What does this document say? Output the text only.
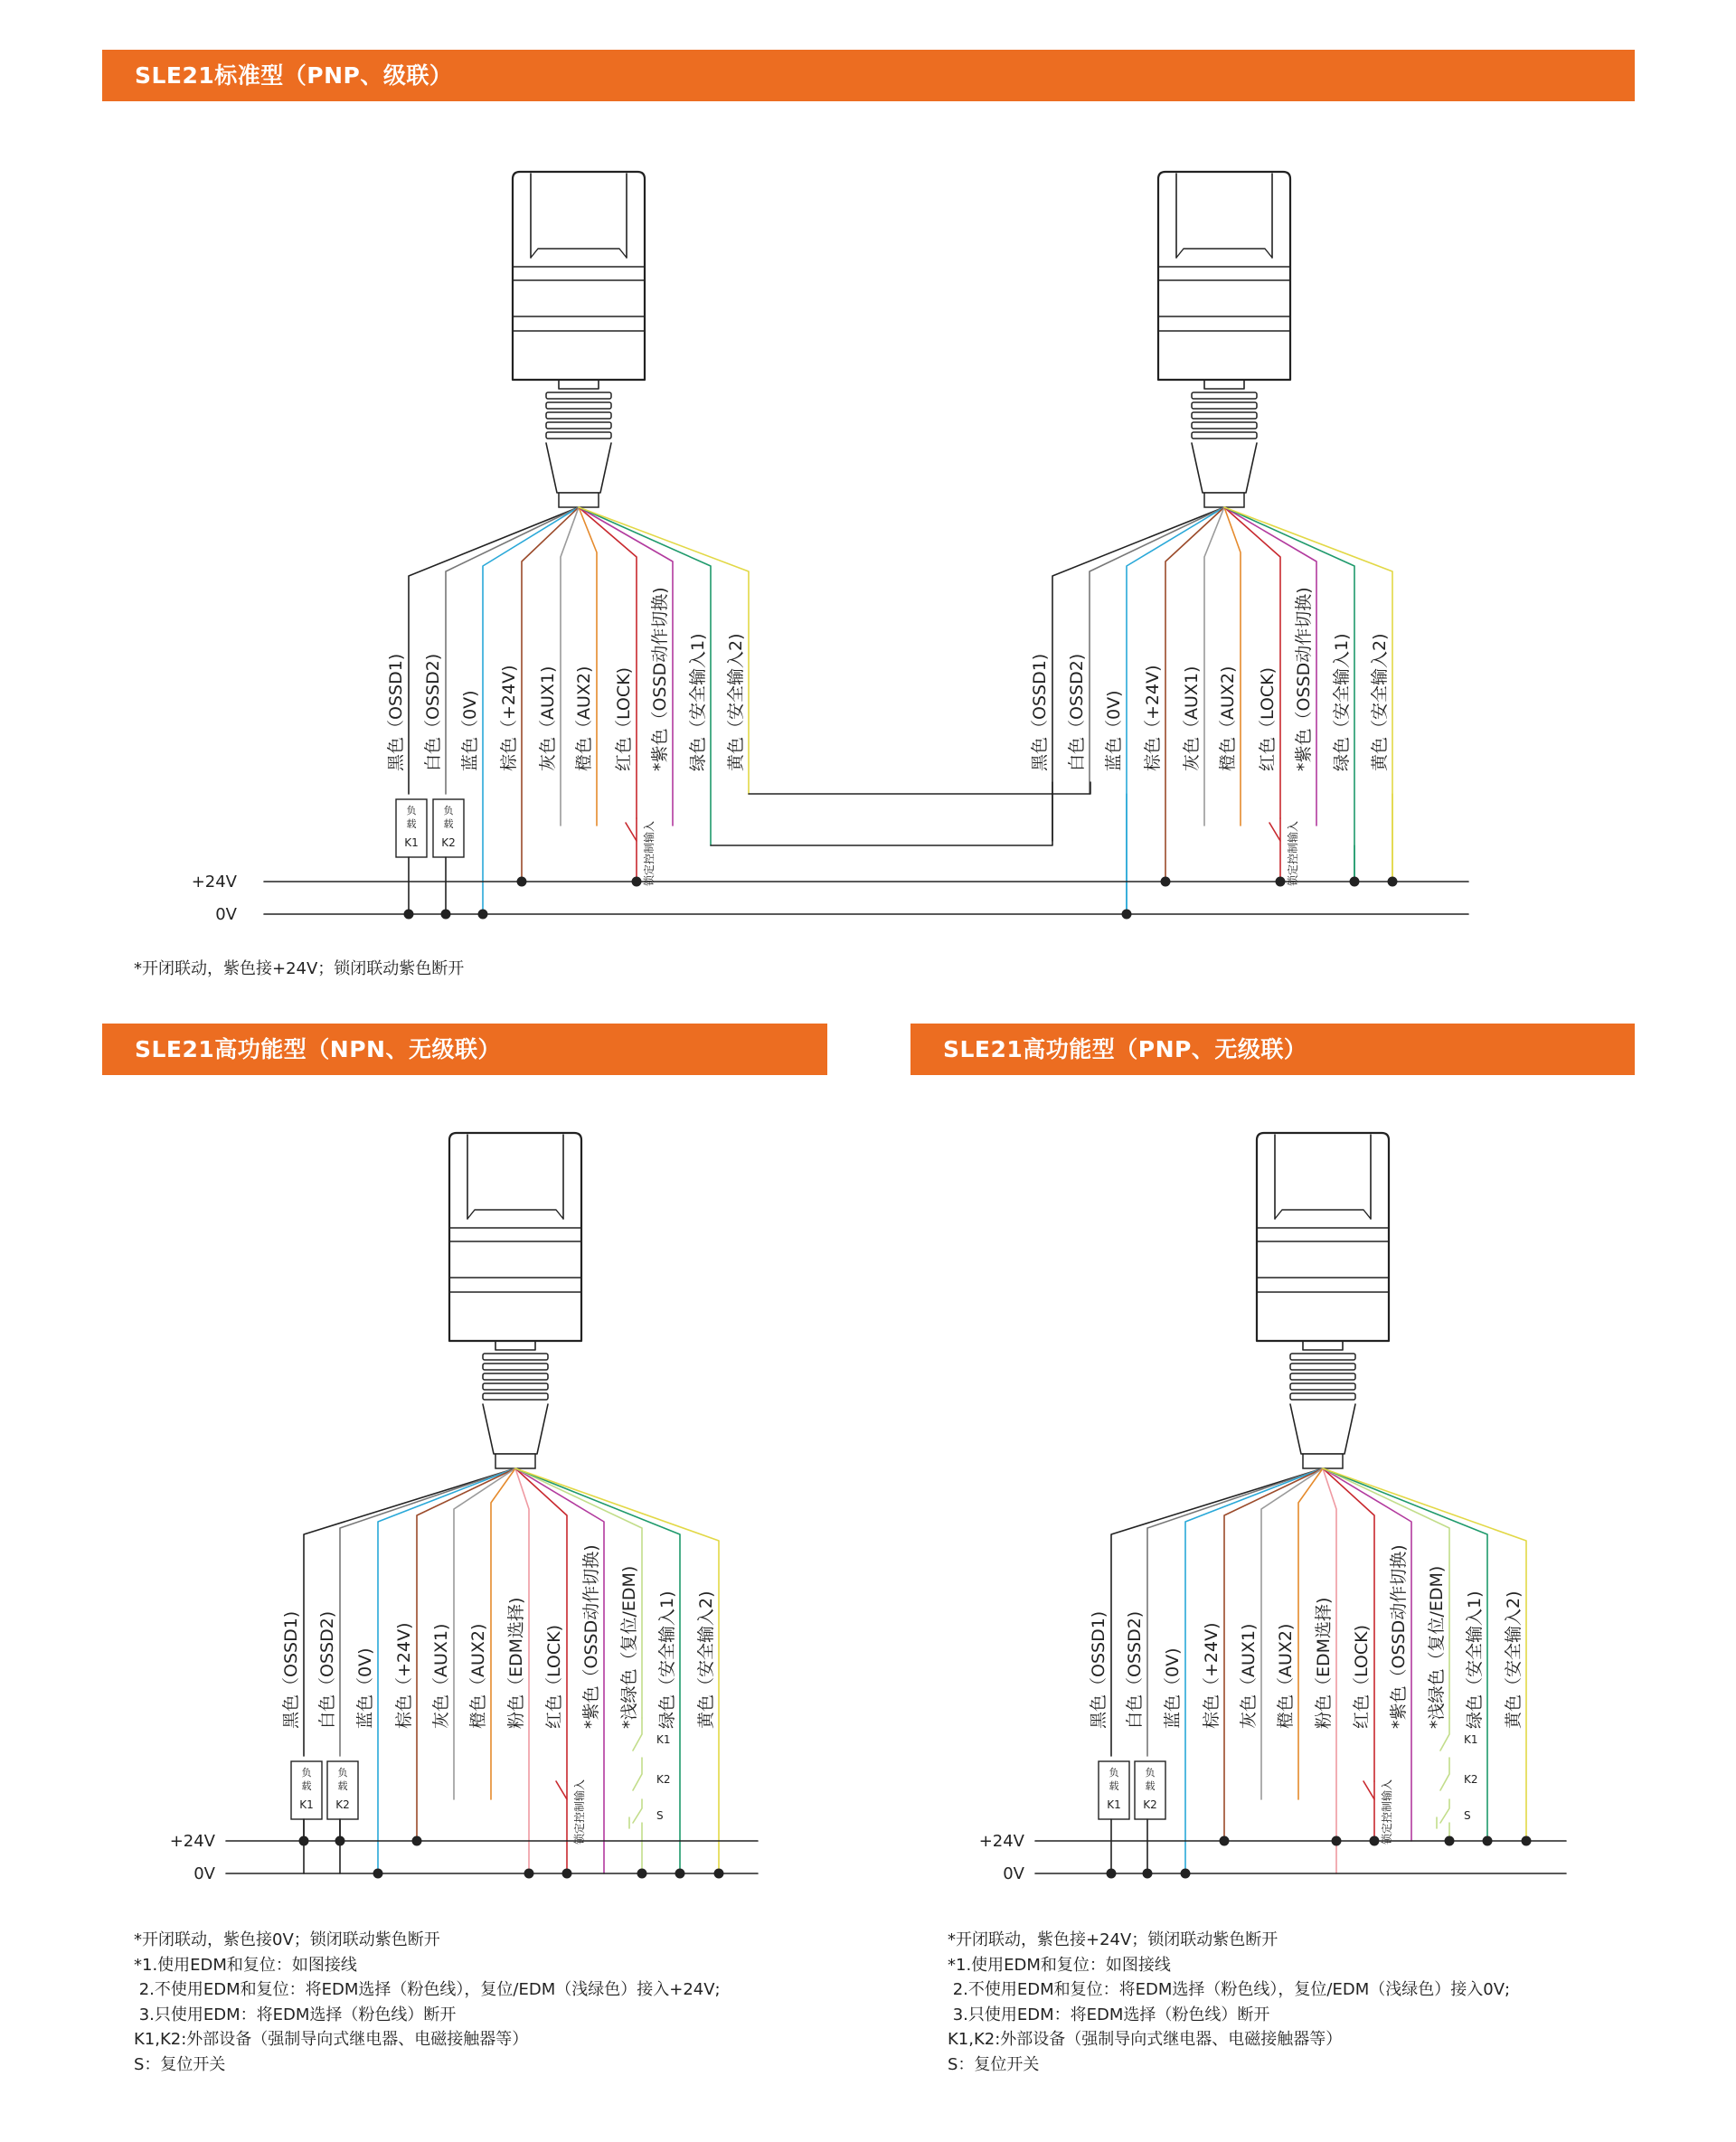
SLE21标准型（PNP、级联）
SLE21高功能型（NPN、无级联）	SLE21高功能型（PNP、无级联）
黑色（OSSD1) 白色（OSSD2) 蓝色（0V) 棕色（+24V) 灰色（AUX1) 橙色（AUX2) 红色（LOCK) *紫色（OSSD动作切换) 绿色（安全输入1) 黄色（安全输入2)	黑色（OSSD1) 白色（OSSD2) 蓝色（0V) 棕色（+24V) 灰色（AUX1) 橙色（AUX2) 红色（LOCK) *紫色（OSSD动作切换) 绿色（安全输入1) 黄色（安全输入2)
负
载
K1
负
载
K2	锁定控制输入	锁定控制输入
+24V
0V
黑色（OSSD1) 白色（OSSD2) 蓝色（0V) 棕色（+24V) 灰色（AUX1) 橙色（AUX2) 粉色（EDM选择) 红色（LOCK) *紫色（OSSD动作切换) *浅绿色（复位/EDM) 绿色（安全输入1) 黄色（安全输入2)
负
载
K1
负
载
K2	锁定控制输入
K1
K2
S
+24V
0V
黑色（OSSD1) 白色（OSSD2) 蓝色（0V) 棕色（+24V) 灰色（AUX1) 橙色（AUX2) 粉色（EDM选择) 红色（LOCK) *紫色（OSSD动作切换) *浅绿色（复位/EDM) 绿色（安全输入1) 黄色（安全输入2)
负
载
K1
负
载
K2	锁定控制输入
K1
K2
S
+24V
0V
*开闭联动，紫色接+24V；锁闭联动紫色断开
*开闭联动，紫色接0V；锁闭联动紫色断开
*1.使用EDM和复位：如图接线
2.不使用EDM和复位：将EDM选择（粉色线），复位/EDM（浅绿色）接入+24V;
3.只使用EDM：将EDM选择（粉色线）断开
K1,K2:外部设备（强制导向式继电器、电磁接触器等）
S：复位开关
*开闭联动，紫色接+24V；锁闭联动紫色断开
*1.使用EDM和复位：如图接线
2.不使用EDM和复位：将EDM选择（粉色线），复位/EDM（浅绿色）接入0V;
3.只使用EDM：将EDM选择（粉色线）断开
K1,K2:外部设备（强制导向式继电器、电磁接触器等）
S：复位开关
